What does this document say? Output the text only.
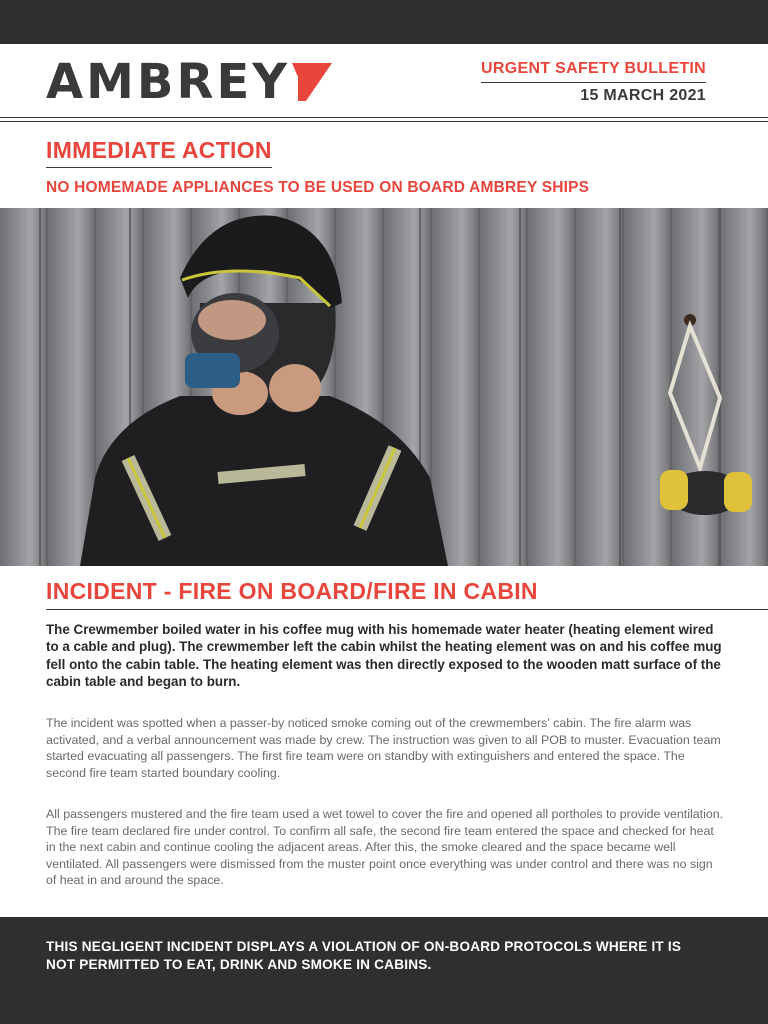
AMBREY	URGENT SAFETY BULLETIN
15 MARCH 2021
IMMEDIATE ACTION
NO HOMEMADE APPLIANCES TO BE USED ON BOARD AMBREY SHIPS
INCIDENT - FIRE ON BOARD/FIRE IN CABIN
The Crewmember boiled water in his coffee mug with his homemade water heater (heating element wired to a cable and plug). The crewmember left the cabin whilst the heating element was on and his coffee mug fell onto the cabin table. The heating element was then directly exposed to the wooden matt surface of the cabin table and began to burn.
The incident was spotted when a passer-by noticed smoke coming out of the crewmembers' cabin. The fire alarm was activated, and a verbal announcement was made by crew. The instruction was given to all POB to muster. Evacuation team started evacuating all passengers. The first fire team were on standby with extinguishers and entered the space. The second fire team started boundary cooling.
All passengers mustered and the fire team used a wet towel to cover the fire and opened all portholes to provide ventilation. The fire team declared fire under control. To confirm all safe, the second fire team entered the space and checked for heat in the next cabin and continue cooling the adjacent areas. After this, the smoke cleared and the space became well ventilated. All passengers were dismissed from the muster point once everything was under control and there was no sign of heat in and around the space.
THIS NEGLIGENT INCIDENT DISPLAYS A VIOLATION OF ON-BOARD PROTOCOLS WHERE IT IS NOT PERMITTED TO EAT, DRINK AND SMOKE IN CABINS.
